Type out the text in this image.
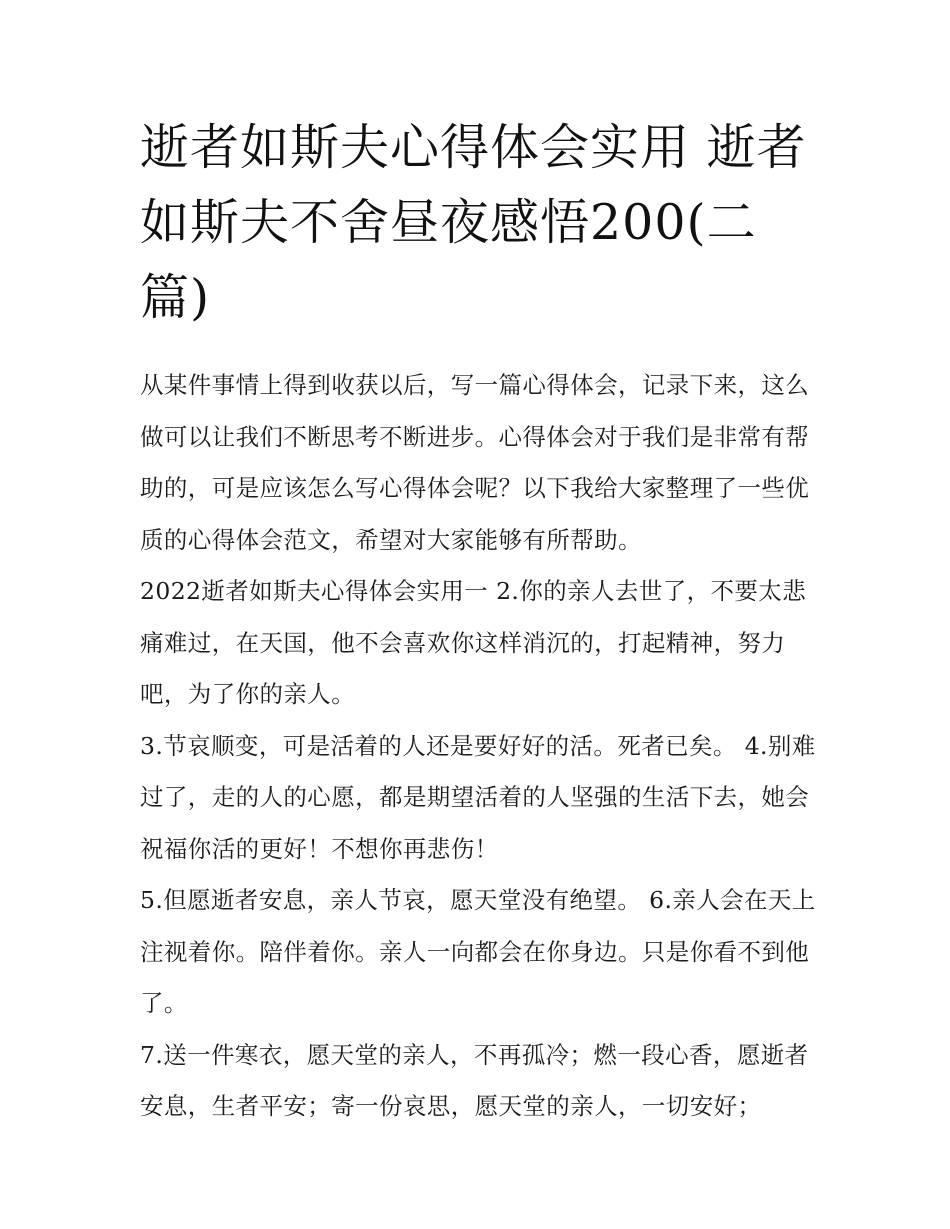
逝者如斯夫心得体会实用 逝者如斯夫不舍昼夜感悟200(二篇)

从某件事情上得到收获以后，写一篇心得体会，记录下来，这么做可以让我们不断思考不断进步。心得体会对于我们是非常有帮助的，可是应该怎么写心得体会呢？以下我给大家整理了一些优质的心得体会范文，希望对大家能够有所帮助。

2022逝者如斯夫心得体会实用一 2.你的亲人去世了，不要太悲痛难过，在天国，他不会喜欢你这样消沉的，打起精神，努力吧，为了你的亲人。

3.节哀顺变，可是活着的人还是要好好的活。死者已矣。 4.别难过了，走的人的心愿，都是期望活着的人坚强的生活下去，她会祝福你活的更好！不想你再悲伤！

5.但愿逝者安息，亲人节哀，愿天堂没有绝望。 6.亲人会在天上注视着你。陪伴着你。亲人一向都会在你身边。只是你看不到他了。

7.送一件寒衣，愿天堂的亲人，不再孤冷；燃一段心香，愿逝者安息，生者平安；寄一份哀思，愿天堂的亲人，一切安好；
